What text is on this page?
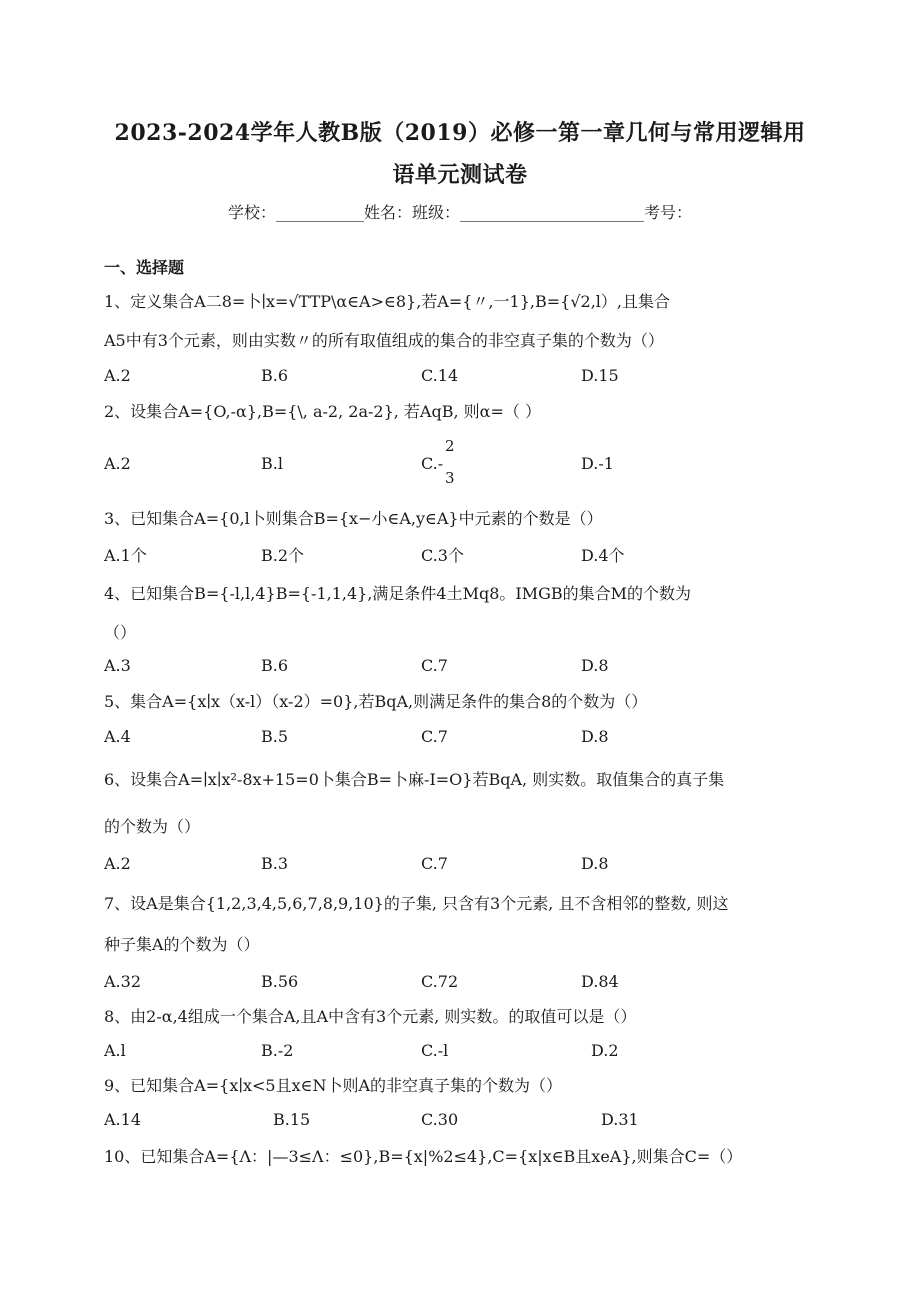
2023-2024学年人教B版（2019）必修一第一章几何与常用逻辑用
语单元测试卷
学校：___________姓名：班级：_______________________考号：
一、选择题
1、定义集合A二8=卜∣x=√TTP\α∈A>∈8},若A={〃,一1},B={√2,l）,且集合
A5中有3个元素，则由实数〃的所有取值组成的集合的非空真子集的个数为（）
A.2	B.6	C.14	D.15
2、设集合A={O,-α},B={\, a-2, 2a-2}, 若AqB, 则α=（ ）
A.2	B.l	C.-
2
3
D.-1
3、已知集合A={0,l卜则集合B={x−小∈A,y∈A}中元素的个数是（）
A.1个	B.2个	C.3个	D.4个
4、已知集合B={-l,l,4}B={-1,1,4},满足条件4土Mq8。IMGB的集合M的个数为
（）
A.3	B.6	C.7	D.8
5、集合A={x∣x（x-l）（x-2）=0},若BqA,则满足条件的集合8的个数为（）
A.4	B.5	C.7	D.8
6、设集合A=∣x∣x²-8x+15=0卜集合B=卜麻-I=O}若BqA, 则实数。取值集合的真子集
的个数为（）
A.2	B.3	C.7	D.8
7、设A是集合{1,2,3,4,5,6,7,8,9,10}的子集, 只含有3个元素, 且不含相邻的整数, 则这
种子集A的个数为（）
A.32	B.56	C.72	D.84
8、由2-α,4组成一个集合A,且A中含有3个元素, 则实数。的取值可以是（）
A.l	B.-2	C.-l	D.2
9、已知集合A={x∣x<5且x∈N卜则A的非空真子集的个数为（）
A.14	B.15	C.30	D.31
10、已知集合A={Λ：|—3≤Λ：≤0},B={x|%2≤4},C={x|x∈B且xeA},则集合C=（）
